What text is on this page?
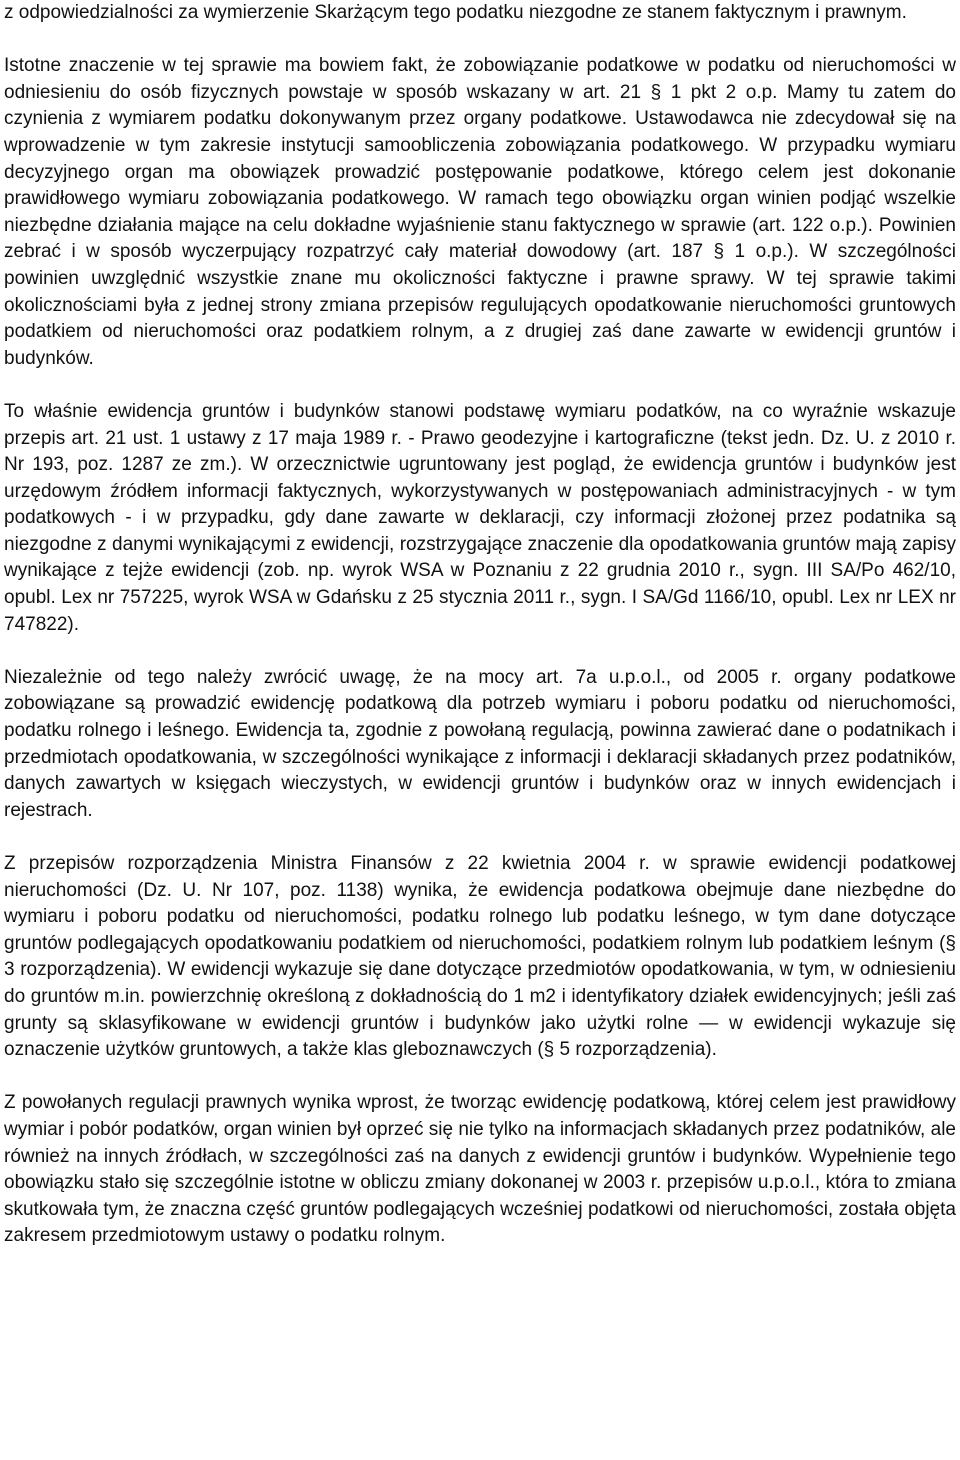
z odpowiedzialności za wymierzenie Skarżącym tego podatku niezgodne ze stanem faktycznym i prawnym.

Istotne znaczenie w tej sprawie ma bowiem fakt, że zobowiązanie podatkowe w podatku od nieruchomości w odniesieniu do osób fizycznych powstaje w sposób wskazany w art. 21 § 1 pkt 2 o.p. Mamy tu zatem do czynienia z wymiarem podatku dokonywanym przez organy podatkowe. Ustawodawca nie zdecydował się na wprowadzenie w tym zakresie instytucji samoobliczenia zobowiązania podatkowego. W przypadku wymiaru decyzyjnego organ ma obowiązek prowadzić postępowanie podatkowe, którego celem jest dokonanie prawidłowego wymiaru zobowiązania podatkowego. W ramach tego obowiązku organ winien podjąć wszelkie niezbędne działania mające na celu dokładne wyjaśnienie stanu faktycznego w sprawie (art. 122 o.p.). Powinien zebrać i w sposób wyczerpujący rozpatrzyć cały materiał dowodowy (art. 187 § 1 o.p.). W szczególności powinien uwzględnić wszystkie znane mu okoliczności faktyczne i prawne sprawy. W tej sprawie takimi okolicznościami była z jednej strony zmiana przepisów regulujących opodatkowanie nieruchomości gruntowych podatkiem od nieruchomości oraz podatkiem rolnym, a z drugiej zaś dane zawarte w ewidencji gruntów i budynków.

To właśnie ewidencja gruntów i budynków stanowi podstawę wymiaru podatków, na co wyraźnie wskazuje przepis art. 21 ust. 1 ustawy z 17 maja 1989 r. - Prawo geodezyjne i kartograficzne (tekst jedn. Dz. U. z 2010 r. Nr 193, poz. 1287 ze zm.). W orzecznictwie ugruntowany jest pogląd, że ewidencja gruntów i budynków jest urzędowym źródłem informacji faktycznych, wykorzystywanych w postępowaniach administracyjnych - w tym podatkowych - i w przypadku, gdy dane zawarte w deklaracji, czy informacji złożonej przez podatnika są niezgodne z danymi wynikającymi z ewidencji, rozstrzygające znaczenie dla opodatkowania gruntów mają zapisy wynikające z tejże ewidencji (zob. np. wyrok WSA w Poznaniu z 22 grudnia 2010 r., sygn. III SA/Po 462/10, opubl. Lex nr 757225, wyrok WSA w Gdańsku z 25 stycznia 2011 r., sygn. I SA/Gd 1166/10, opubl. Lex nr LEX nr 747822).

Niezależnie od tego należy zwrócić uwagę, że na mocy art. 7a u.p.o.l., od 2005 r. organy podatkowe zobowiązane są prowadzić ewidencję podatkową dla potrzeb wymiaru i poboru podatku od nieruchomości, podatku rolnego i leśnego. Ewidencja ta, zgodnie z powołaną regulacją, powinna zawierać dane o podatnikach i przedmiotach opodatkowania, w szczególności wynikające z informacji i deklaracji składanych przez podatników, danych zawartych w księgach wieczystych, w ewidencji gruntów i budynków oraz w innych ewidencjach i rejestrach.

Z przepisów rozporządzenia Ministra Finansów z 22 kwietnia 2004 r. w sprawie ewidencji podatkowej nieruchomości (Dz. U. Nr 107, poz. 1138) wynika, że ewidencja podatkowa obejmuje dane niezbędne do wymiaru i poboru podatku od nieruchomości, podatku rolnego lub podatku leśnego, w tym dane dotyczące gruntów podlegających opodatkowaniu podatkiem od nieruchomości, podatkiem rolnym lub podatkiem leśnym (§ 3 rozporządzenia). W ewidencji wykazuje się dane dotyczące przedmiotów opodatkowania, w tym, w odniesieniu do gruntów m.in. powierzchnię określoną z dokładnością do 1 m2 i identyfikatory działek ewidencyjnych; jeśli zaś grunty są sklasyfikowane w ewidencji gruntów i budynków jako użytki rolne — w ewidencji wykazuje się oznaczenie użytków gruntowych, a także klas gleboznawczych (§ 5 rozporządzenia).

Z powołanych regulacji prawnych wynika wprost, że tworząc ewidencję podatkową, której celem jest prawidłowy wymiar i pobór podatków, organ winien był oprzeć się nie tylko na informacjach składanych przez podatników, ale również na innych źródłach, w szczególności zaś na danych z ewidencji gruntów i budynków. Wypełnienie tego obowiązku stało się szczególnie istotne w obliczu zmiany dokonanej w 2003 r. przepisów u.p.o.l., która to zmiana skutkowała tym, że znaczna część gruntów podlegających wcześniej podatkowi od nieruchomości, została objęta zakresem przedmiotowym ustawy o podatku rolnym.
